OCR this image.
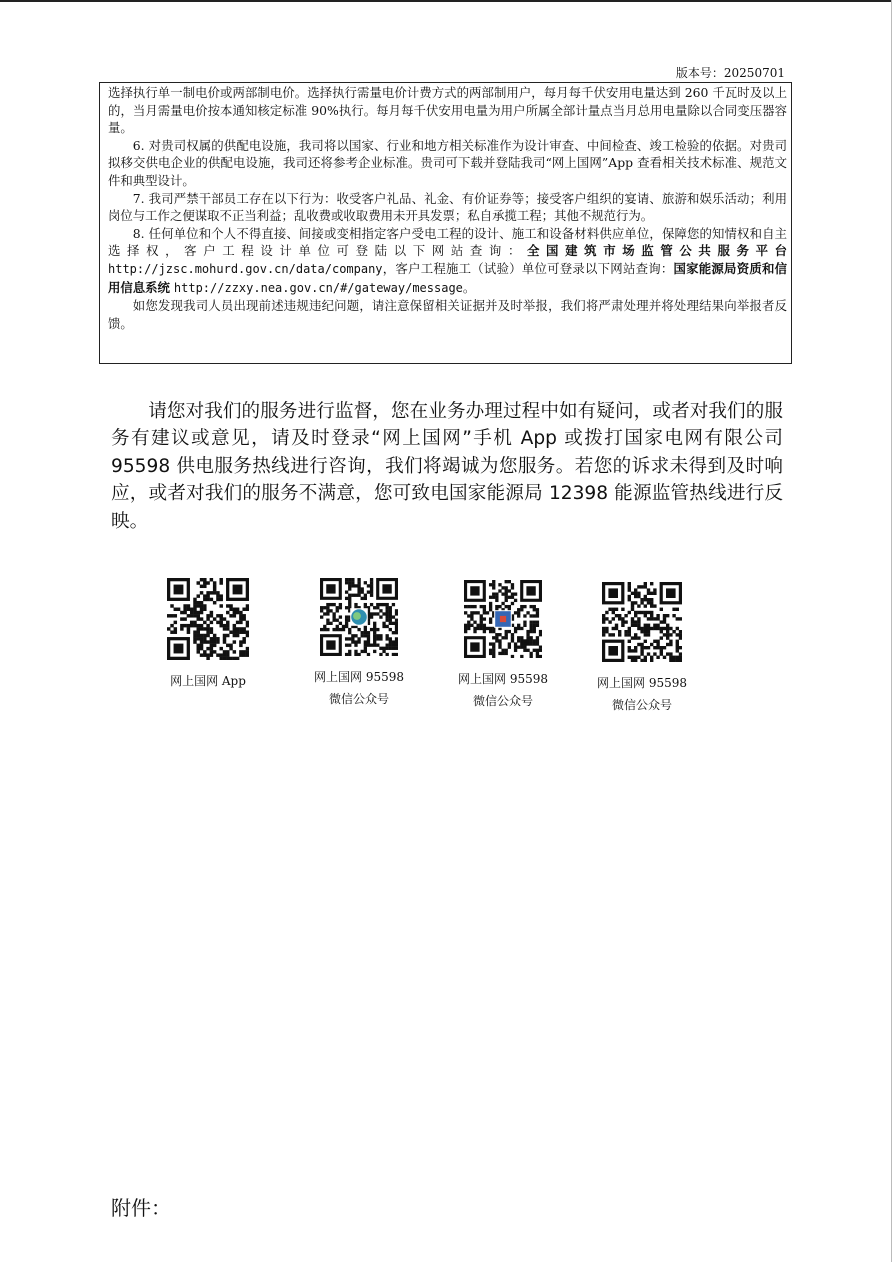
版本号：20250701

选择执行单一制电价或两部制电价。选择执行需量电价计费方式的两部制用户，每月每千伏安用电量达到 260 千瓦时及以上的，当月需量电价按本通知核定标准 90%执行。每月每千伏安用电量为用户所属全部计量点当月总用电量除以合同变压器容量。

6. 对贵司权属的供配电设施，我司将以国家、行业和地方相关标准作为设计审查、中间检查、竣工检验的依据。对贵司拟移交供电企业的供配电设施，我司还将参考企业标准。贵司可下载并登陆我司“网上国网”App 查看相关技术标准、规范文件和典型设计。

7. 我司严禁干部员工存在以下行为：收受客户礼品、礼金、有价证券等；接受客户组织的宴请、旅游和娱乐活动；利用岗位与工作之便谋取不正当利益；乱收费或收取费用未开具发票；私自承揽工程；其他不规范行为。

8. 任何单位和个人不得直接、间接或变相指定客户受电工程的设计、施工和设备材料供应单位，保障您的知情权和自主选择权，客户工程设计单位可登陆以下网站查询：全国建筑市场监管公共服务平台http://jzsc.mohurd.gov.cn/data/company，客户工程施工（试验）单位可登录以下网站查询：国家能源局资质和信用信息系统 http://zzxy.nea.gov.cn/#/gateway/message。

如您发现我司人员出现前述违规违纪问题，请注意保留相关证据并及时举报，我们将严肃处理并将处理结果向举报者反馈。

请您对我们的服务进行监督，您在业务办理过程中如有疑问，或者对我们的服务有建议或意见，请及时登录“网上国网”手机 App 或拨打国家电网有限公司 95598 供电服务热线进行咨询，我们将竭诚为您服务。若您的诉求未得到及时响应，或者对我们的服务不满意，您可致电国家能源局 12398 能源监管热线进行反映。

网上国网 App	网上国网 95598
微信公众号
网上国网 95598
微信公众号
网上国网 95598
微信公众号
附件：
